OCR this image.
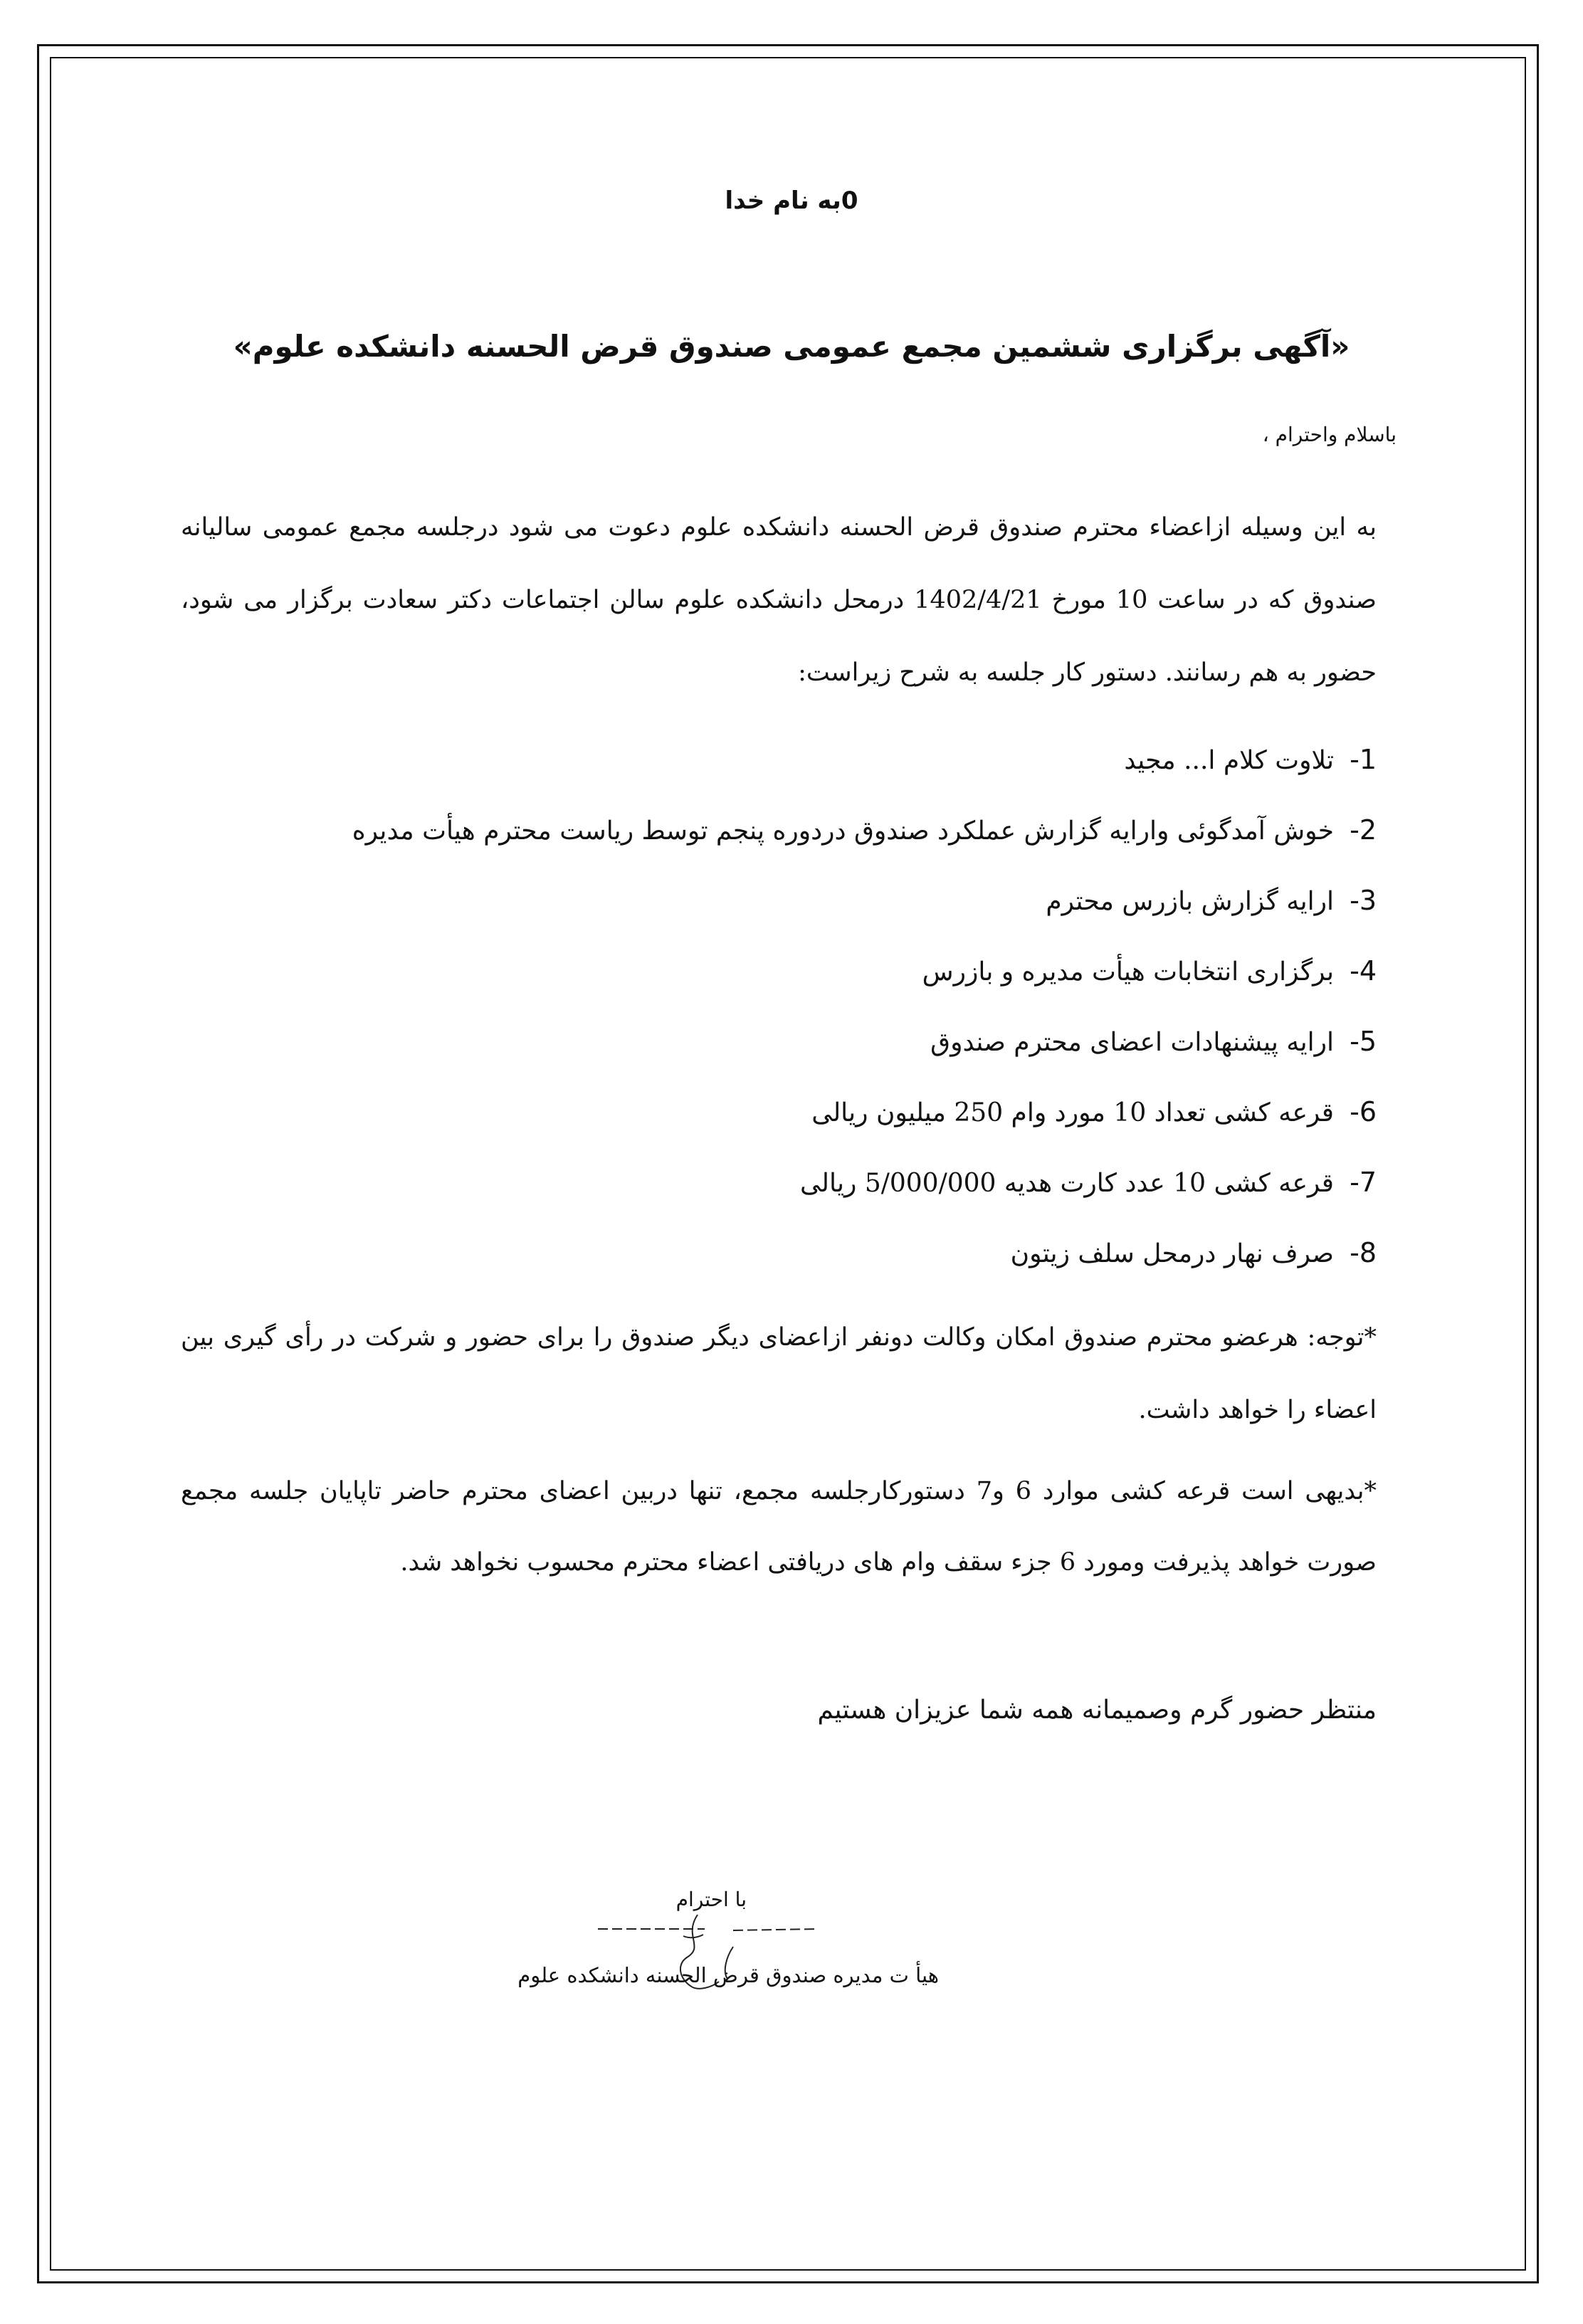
0به نام خدا
«آگهی برگزاری ششمین مجمع عمومی صندوق قرض الحسنه دانشکده علوم»
باسلام واحترام ،
به این وسیله ازاعضاء محترم صندوق قرض الحسنه دانشکده علوم دعوت می شود درجلسه مجمع عمومی سالیانه صندوق که در ساعت 10 مورخ 1402/4/21 درمحل دانشکده علوم سالن اجتماعات دکتر سعادت برگزار می شود، حضور به هم رسانند. دستور کار جلسه به شرح زیراست:
1-تلاوت کلام ا... مجید
2-خوش آمدگوئی وارایه گزارش عملکرد صندوق دردوره پنجم توسط ریاست محترم هیأت مدیره
3-ارایه گزارش بازرس محترم
4-برگزاری انتخابات هیأت مدیره و بازرس
5-ارایه پیشنهادات اعضای محترم صندوق
6-قرعه کشی تعداد 10 مورد وام 250 میلیون ریالی
7-قرعه کشی 10 عدد کارت هدیه 5/000/000 ریالی
8-صرف نهار درمحل سلف زیتون
*توجه: هرعضو محترم صندوق امکان وکالت دونفر ازاعضای دیگر صندوق را برای حضور و شرکت در رأی گیری بین اعضاء را خواهد داشت.
*بدیهی است قرعه کشی موارد 6 و7 دستورکارجلسه مجمع، تنها دربین اعضای محترم حاضر تاپایان جلسه مجمع صورت خواهد پذیرفت ومورد 6 جزء سقف وام های دریافتی اعضاء محترم محسوب نخواهد شد.
منتظر حضور گرم وصمیمانه همه شما عزیزان هستیم
با احترام
هیأ ت مدیره صندوق قرض الحسنه دانشکده علوم
